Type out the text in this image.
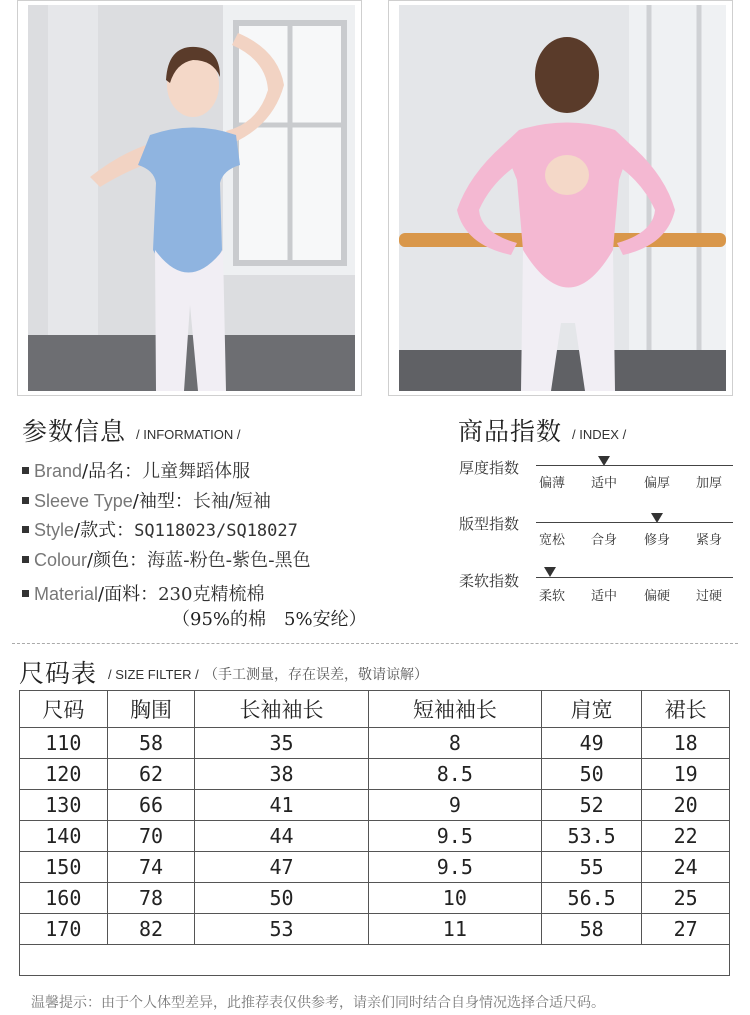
参数信息 / INFORMATION /
Brand/品名：儿童舞蹈体服
Sleeve Type/袖型：长袖/短袖
Style/款式：SQ118023/SQ18027
Colour/颜色：海蓝-粉色-紫色-黑色
Material/面料：230克精梳棉
（95%的棉　5%安纶）
商品指数 / INDEX /
厚度指数
偏薄	适中	偏厚	加厚
版型指数
宽松	合身	修身	紧身
柔软指数
柔软	适中	偏硬	过硬
尺码表 / SIZE FILTER / （手工测量，存在误差，敬请谅解）
尺码	胸围	长袖袖长	短袖袖长	肩宽	裙长
110	58	35	8	49	18
120	62	38	8.5	50	19
130	66	41	9	52	20
140	70	44	9.5	53.5	22
150	74	47	9.5	55	24
160	78	50	10	56.5	25
170	82	53	11	58	27

温馨提示：由于个人体型差异，此推荐表仅供参考，请亲们同时结合自身情况选择合适尺码。
